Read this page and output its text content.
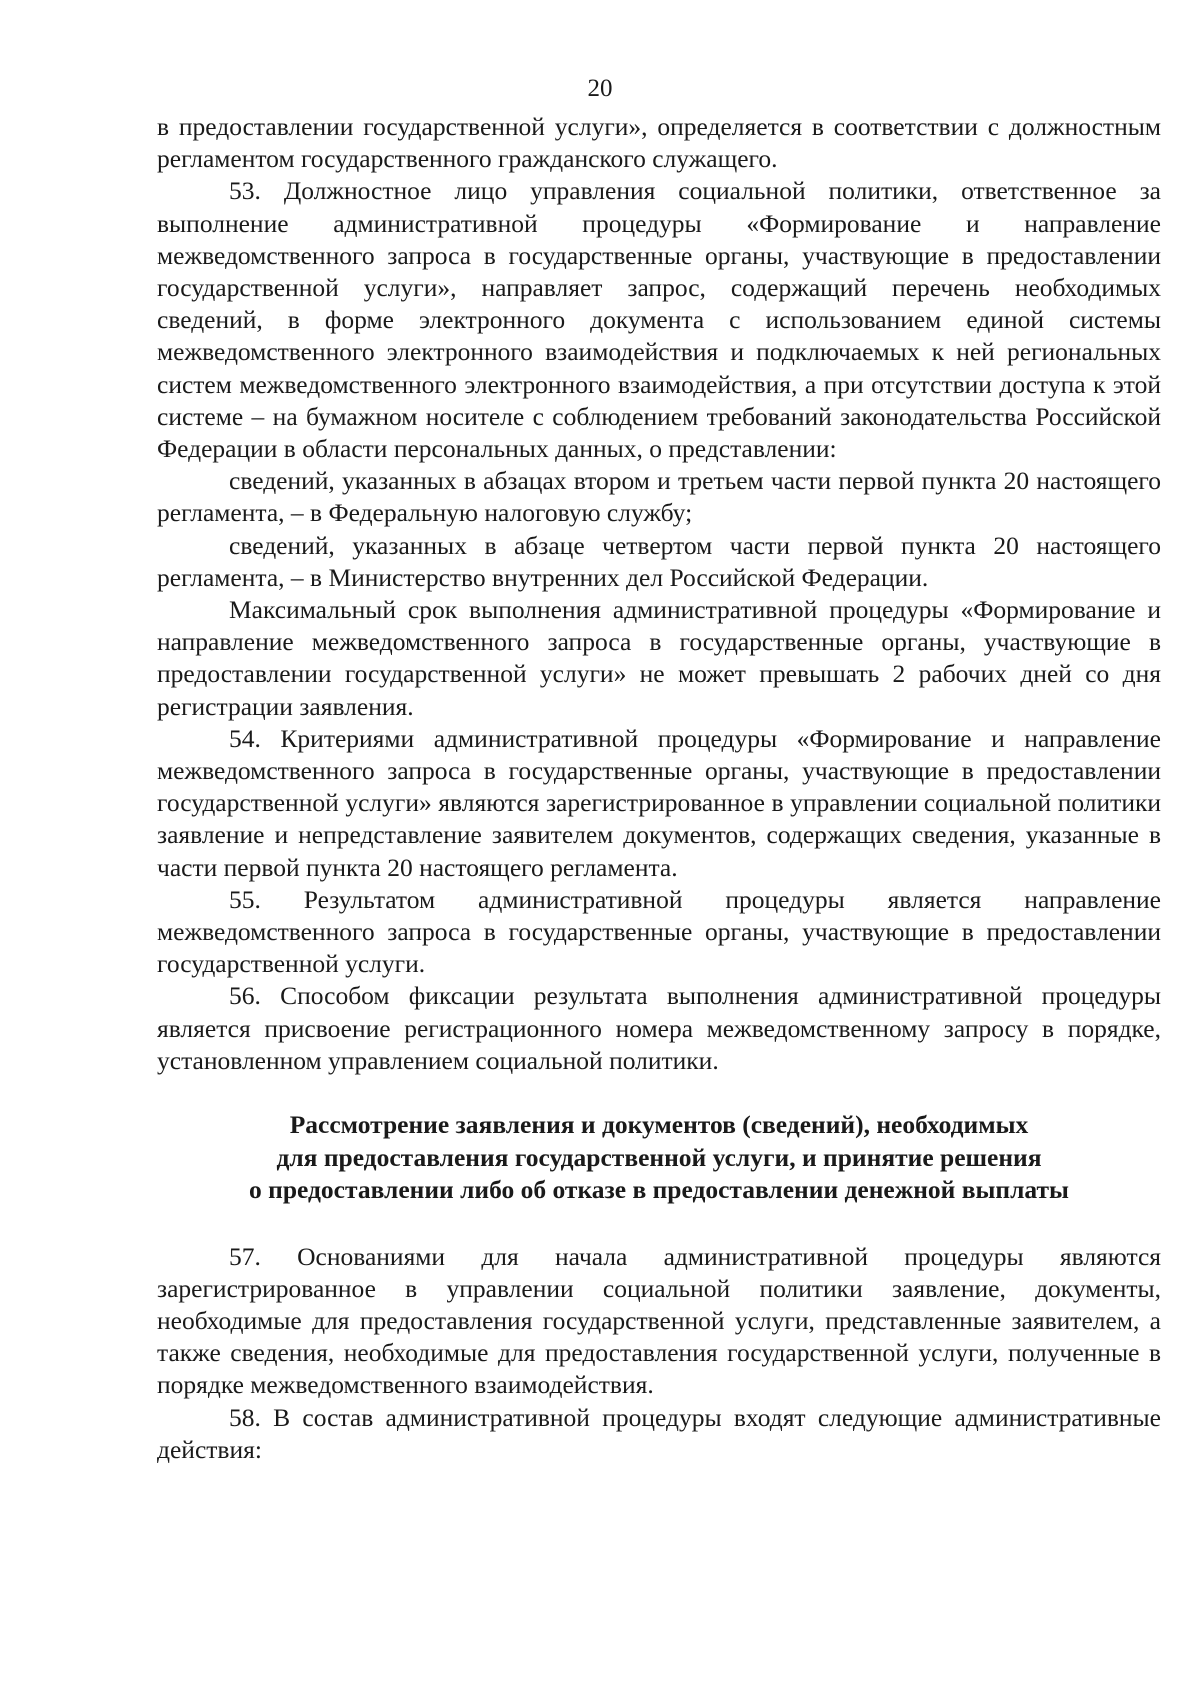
20

в предоставлении государственной услуги», определяется в соответствии с должностным регламентом государственного гражданского служащего.

53. Должностное лицо управления социальной политики, ответственное за выполнение административной процедуры «Формирование и направление межведомственного запроса в государственные органы, участвующие в предоставлении государственной услуги», направляет запрос, содержащий перечень необходимых сведений, в форме электронного документа с использованием единой системы межведомственного электронного взаимодействия и подключаемых к ней региональных систем межведомственного электронного взаимодействия, а при отсутствии доступа к этой системе – на бумажном носителе с соблюдением требований законодательства Российской Федерации в области персональных данных, о представлении:

сведений, указанных в абзацах втором и третьем части первой пункта 20 настоящего регламента, – в Федеральную налоговую службу;

сведений, указанных в абзаце четвертом части первой пункта 20 настоящего регламента, – в Министерство внутренних дел Российской Федерации.

Максимальный срок выполнения административной процедуры «Формирование и направление межведомственного запроса в государственные органы, участвующие в предоставлении государственной услуги» не может превышать 2 рабочих дней со дня регистрации заявления.

54. Критериями административной процедуры «Формирование и направление межведомственного запроса в государственные органы, участвующие в предоставлении государственной услуги» являются зарегистрированное в управлении социальной политики заявление и непредставление заявителем документов, содержащих сведения, указанные в части первой пункта 20 настоящего регламента.

55. Результатом административной процедуры является направление межведомственного запроса в государственные органы, участвующие в предоставлении государственной услуги.

56. Способом фиксации результата выполнения административной процедуры является присвоение регистрационного номера межведомственному запросу в порядке, установленном управлением социальной политики.

Рассмотрение заявления и документов (сведений), необходимых
для предоставления государственной услуги, и принятие решения
о предоставлении либо об отказе в предоставлении денежной выплаты

57. Основаниями для начала административной процедуры являются зарегистрированное в управлении социальной политики заявление, документы, необходимые для предоставления государственной услуги, представленные заявителем, а также сведения, необходимые для предоставления государственной услуги, полученные в порядке межведомственного взаимодействия.

58. В состав административной процедуры входят следующие административные действия:
